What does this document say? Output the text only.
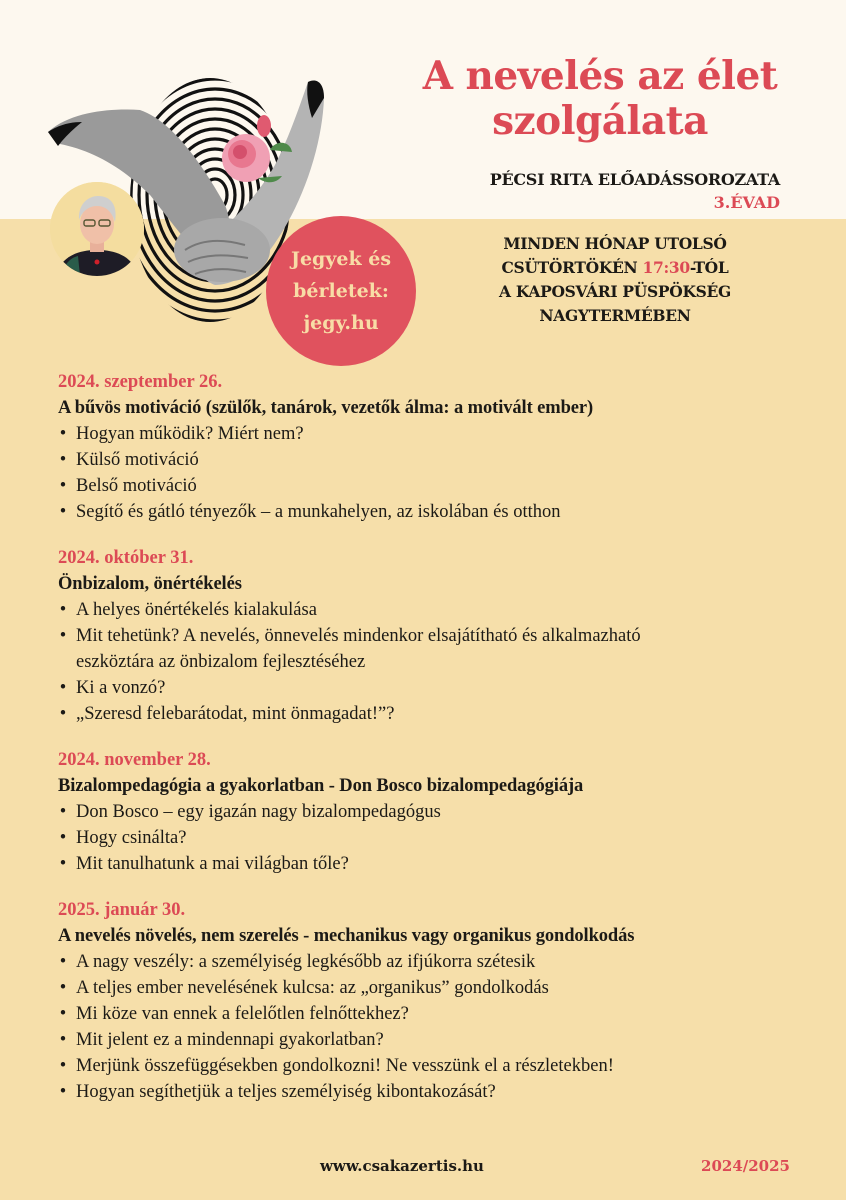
Jegyek és
bérletek:
jegy.hu
A nevelés az élet
szolgálata
PÉCSI RITA ELŐADÁSSOROZATA
3.ÉVAD
MINDEN HÓNAP UTOLSÓ
CSÜTÖRTÖKÉN 17:30-TÓL
A KAPOSVÁRI PÜSPÖKSÉG
NAGYTERMÉBEN
2024. szeptember 26.
A bűvös motiváció (szülők, tanárok, vezetők álma: a motivált ember)
• Hogyan működik? Miért nem?
• Külső motiváció
• Belső motiváció
• Segítő és gátló tényezők – a munkahelyen, az iskolában és otthon
2024. október 31.
Önbizalom, önértékelés
• A helyes önértékelés kialakulása
• Mit tehetünk? A nevelés, önnevelés mindenkor elsajátítható és alkalmazható eszköztára az önbizalom fejlesztéséhez
• Ki a vonzó?
• „Szeresd felebarátodat, mint önmagadat!”?
2024. november 28.
Bizalompedagógia a gyakorlatban - Don Bosco bizalompedagógiája
• Don Bosco – egy igazán nagy bizalompedagógus
• Hogy csinálta?
• Mit tanulhatunk a mai világban tőle?
2025. január 30.
A nevelés növelés, nem szerelés - mechanikus vagy organikus gondolkodás
• A nagy veszély: a személyiség legkésőbb az ifjúkorra szétesik
• A teljes ember nevelésének kulcsa: az „organikus” gondolkodás
• Mi köze van ennek a felelőtlen felnőttekhez?
• Mit jelent ez a mindennapi gyakorlatban?
• Merjünk összefüggésekben gondolkozni! Ne vesszünk el a részletekben!
• Hogyan segíthetjük a teljes személyiség kibontakozását?
www.csakazertis.hu	2024/2025
